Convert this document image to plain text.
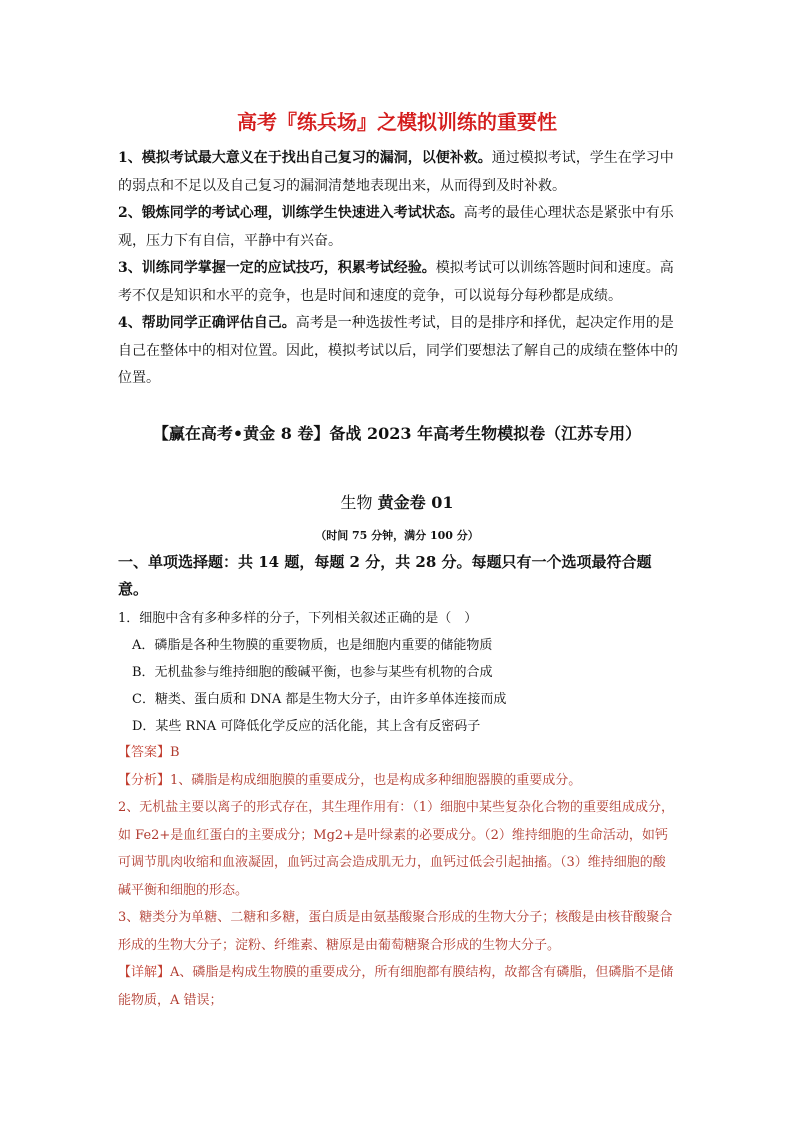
高考『练兵场』之模拟训练的重要性

1、模拟考试最大意义在于找出自己复习的漏洞，以便补救。通过模拟考试，学生在学习中的弱点和不足以及自己复习的漏洞清楚地表现出来，从而得到及时补救。

2、锻炼同学的考试心理，训练学生快速进入考试状态。高考的最佳心理状态是紧张中有乐观，压力下有自信，平静中有兴奋。

3、训练同学掌握一定的应试技巧，积累考试经验。模拟考试可以训练答题时间和速度。高考不仅是知识和水平的竞争，也是时间和速度的竞争，可以说每分每秒都是成绩。

4、帮助同学正确评估自己。高考是一种选拔性考试，目的是排序和择优，起决定作用的是自己在整体中的相对位置。因此，模拟考试以后，同学们要想法了解自己的成绩在整体中的位置。

【赢在高考•黄金 8 卷】备战 2023 年高考生物模拟卷（江苏专用）
生物 黄金卷 01
（时间 75 分钟，满分 100 分）
一、单项选择题：共 14 题，每题 2 分，共 28 分。每题只有一个选项最符合题意。

1．细胞中含有多种多样的分子，下列相关叙述正确的是（　）

A．磷脂是各种生物膜的重要物质，也是细胞内重要的储能物质

B．无机盐参与维持细胞的酸碱平衡，也参与某些有机物的合成

C．糖类、蛋白质和 DNA 都是生物大分子，由许多单体连接而成

D．某些 RNA 可降低化学反应的活化能，其上含有反密码子

【答案】B

【分析】1、磷脂是构成细胞膜的重要成分，也是构成多种细胞器膜的重要成分。

2、无机盐主要以离子的形式存在，其生理作用有：（1）细胞中某些复杂化合物的重要组成成分，如 Fe2+是血红蛋白的主要成分；Mg2+是叶绿素的必要成分。（2）维持细胞的生命活动，如钙可调节肌肉收缩和血液凝固，血钙过高会造成肌无力，血钙过低会引起抽搐。（3）维持细胞的酸碱平衡和细胞的形态。

3、糖类分为单糖、二糖和多糖，蛋白质是由氨基酸聚合形成的生物大分子；核酸是由核苷酸聚合形成的生物大分子；淀粉、纤维素、糖原是由葡萄糖聚合形成的生物大分子。

【详解】A、磷脂是构成生物膜的重要成分，所有细胞都有膜结构，故都含有磷脂，但磷脂不是储能物质，A 错误；
